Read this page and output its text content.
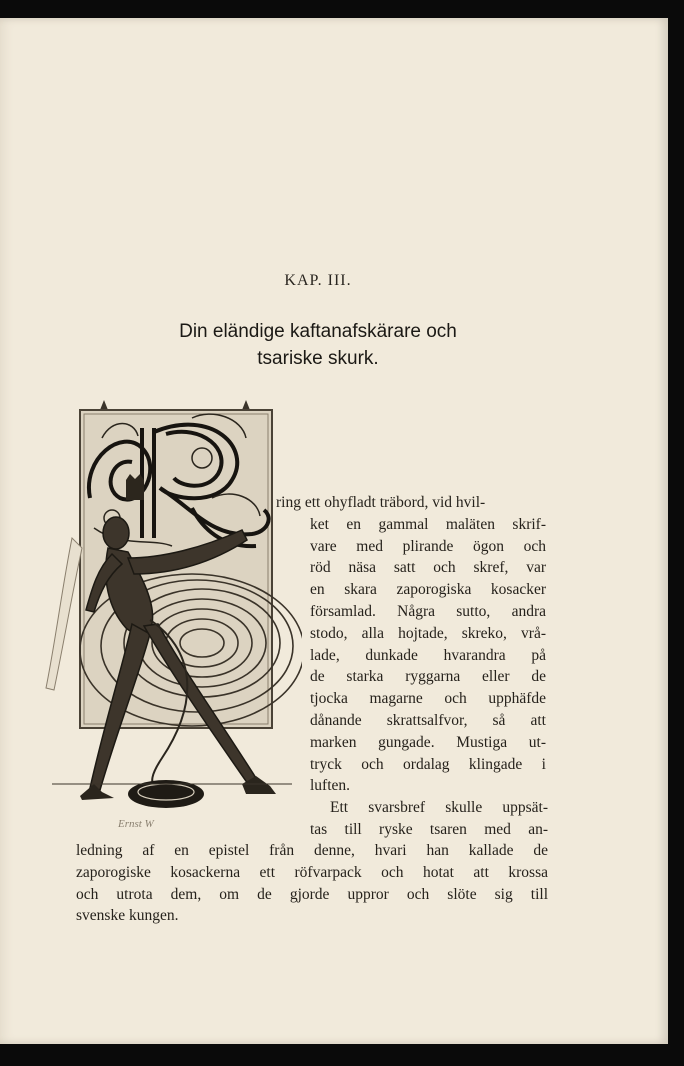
KAP. III.
Din eländige kaftanafskärare och
tsariske skurk.
Ernst W
ring ett ohyfladt träbord, vid hvil-
ket en gammal maläten skrif-
vare med plirande ögon och
röd näsa satt och skref, var
en skara zaporogiska kosacker
församlad. Några sutto, andra
stodo, alla hojtade, skreko, vrå-
lade, dunkade hvarandra på
de starka ryggarna eller de
tjocka magarne och upphäfde
dånande skrattsalfvor, så att
marken gungade. Mustiga ut-
tryck och ordalag klingade i
luften.
Ett svarsbref skulle uppsät-
tas till ryske tsaren med an-
ledning af en epistel från denne, hvari han kallade de
zaporogiske kosackerna ett röfvarpack och hotat att krossa
och utrota dem, om de gjorde uppror och slöte sig till
svenske kungen.
